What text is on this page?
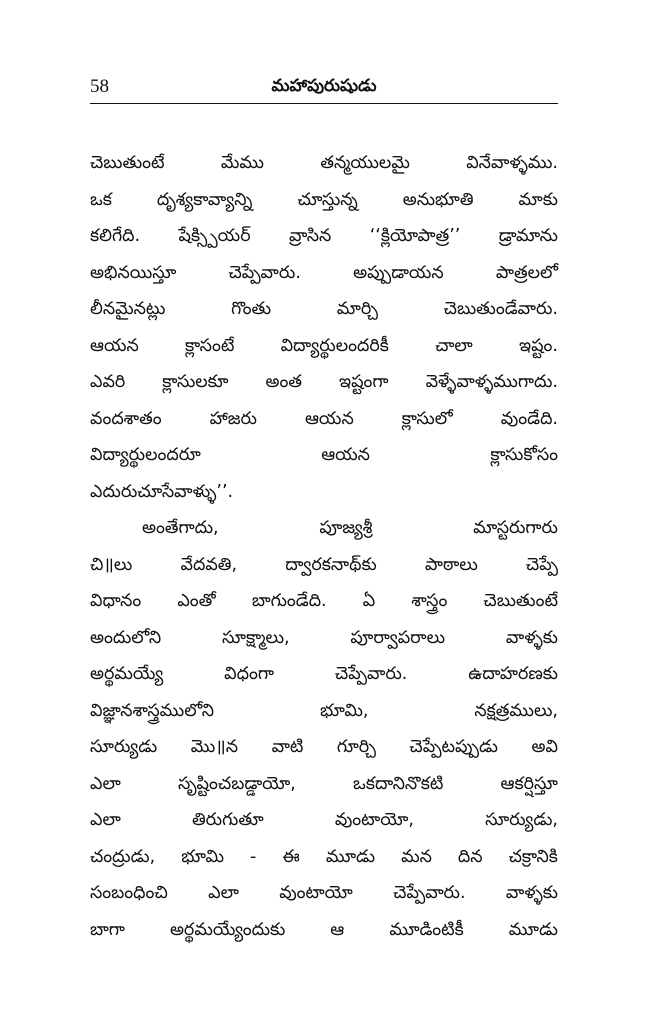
58	మహాపురుషుడు
చెబుతుంటే	మేము	తన్మయులమై	వినేవాళ్ళము.
ఒక	దృశ్యకావ్యాన్ని	చూస్తున్న	అనుభూతి	మాకు
కలిగేది. షేక్స్పియర్ వ్రాసిన ‘‘క్లియోపాత్ర’’ డ్రామాను
అభినయిస్తూ	చెప్పేవారు.	అప్పుడాయన	పాత్రలలో
లీనమైనట్లు	గొంతు	మార్చి	చెబుతుండేవారు.
ఆయన	క్లాసంటే	విద్యార్థులందరికీ	చాలా	ఇష్టం.
ఎవరి క్లాసులకూ అంత ఇష్టంగా వెళ్ళేవాళ్ళముగాదు.
వందశాతం	హాజరు	ఆయన	క్లాసులో	వుండేది.
విద్యార్థులందరూ	ఆయన	క్లాసుకోసం
ఎదురుచూసేవాళ్ళు’’.
అంతేగాదు,	పూజ్యశ్రీ	మాస్టరుగారు
చి॥లు	వేదవతి,	ద్వారకనాథ్‌కు	పాఠాలు	చెప్పే
విధానం ఎంతో బాగుండేది. ఏ శాస్త్రం చెబుతుంటే
అందులోని	సూక్ష్మాలు,	పూర్వాపరాలు	వాళ్ళకు
అర్థమయ్యే	విధంగా	చెప్పేవారు.	ఉదాహరణకు
విజ్ఞానశాస్త్రములోని	భూమి,	నక్షత్రములు,
సూర్యుడు మొ॥న వాటి గూర్చి చెప్పేటప్పుడు అవి
ఎలా	సృష్టించబడ్డాయో,	ఒకదానినొకటి	ఆకర్షిస్తూ
ఎలా	తిరుగుతూ	వుంటాయో,	సూర్యుడు,
చంద్రుడు, భూమి - ఈ మూడు మన దిన చక్రానికి
సంబంధించి ఎలా వుంటాయో చెప్పేవారు. వాళ్ళకు
బాగా	అర్థమయ్యేందుకు	ఆ	మూడింటికీ	మూడు
